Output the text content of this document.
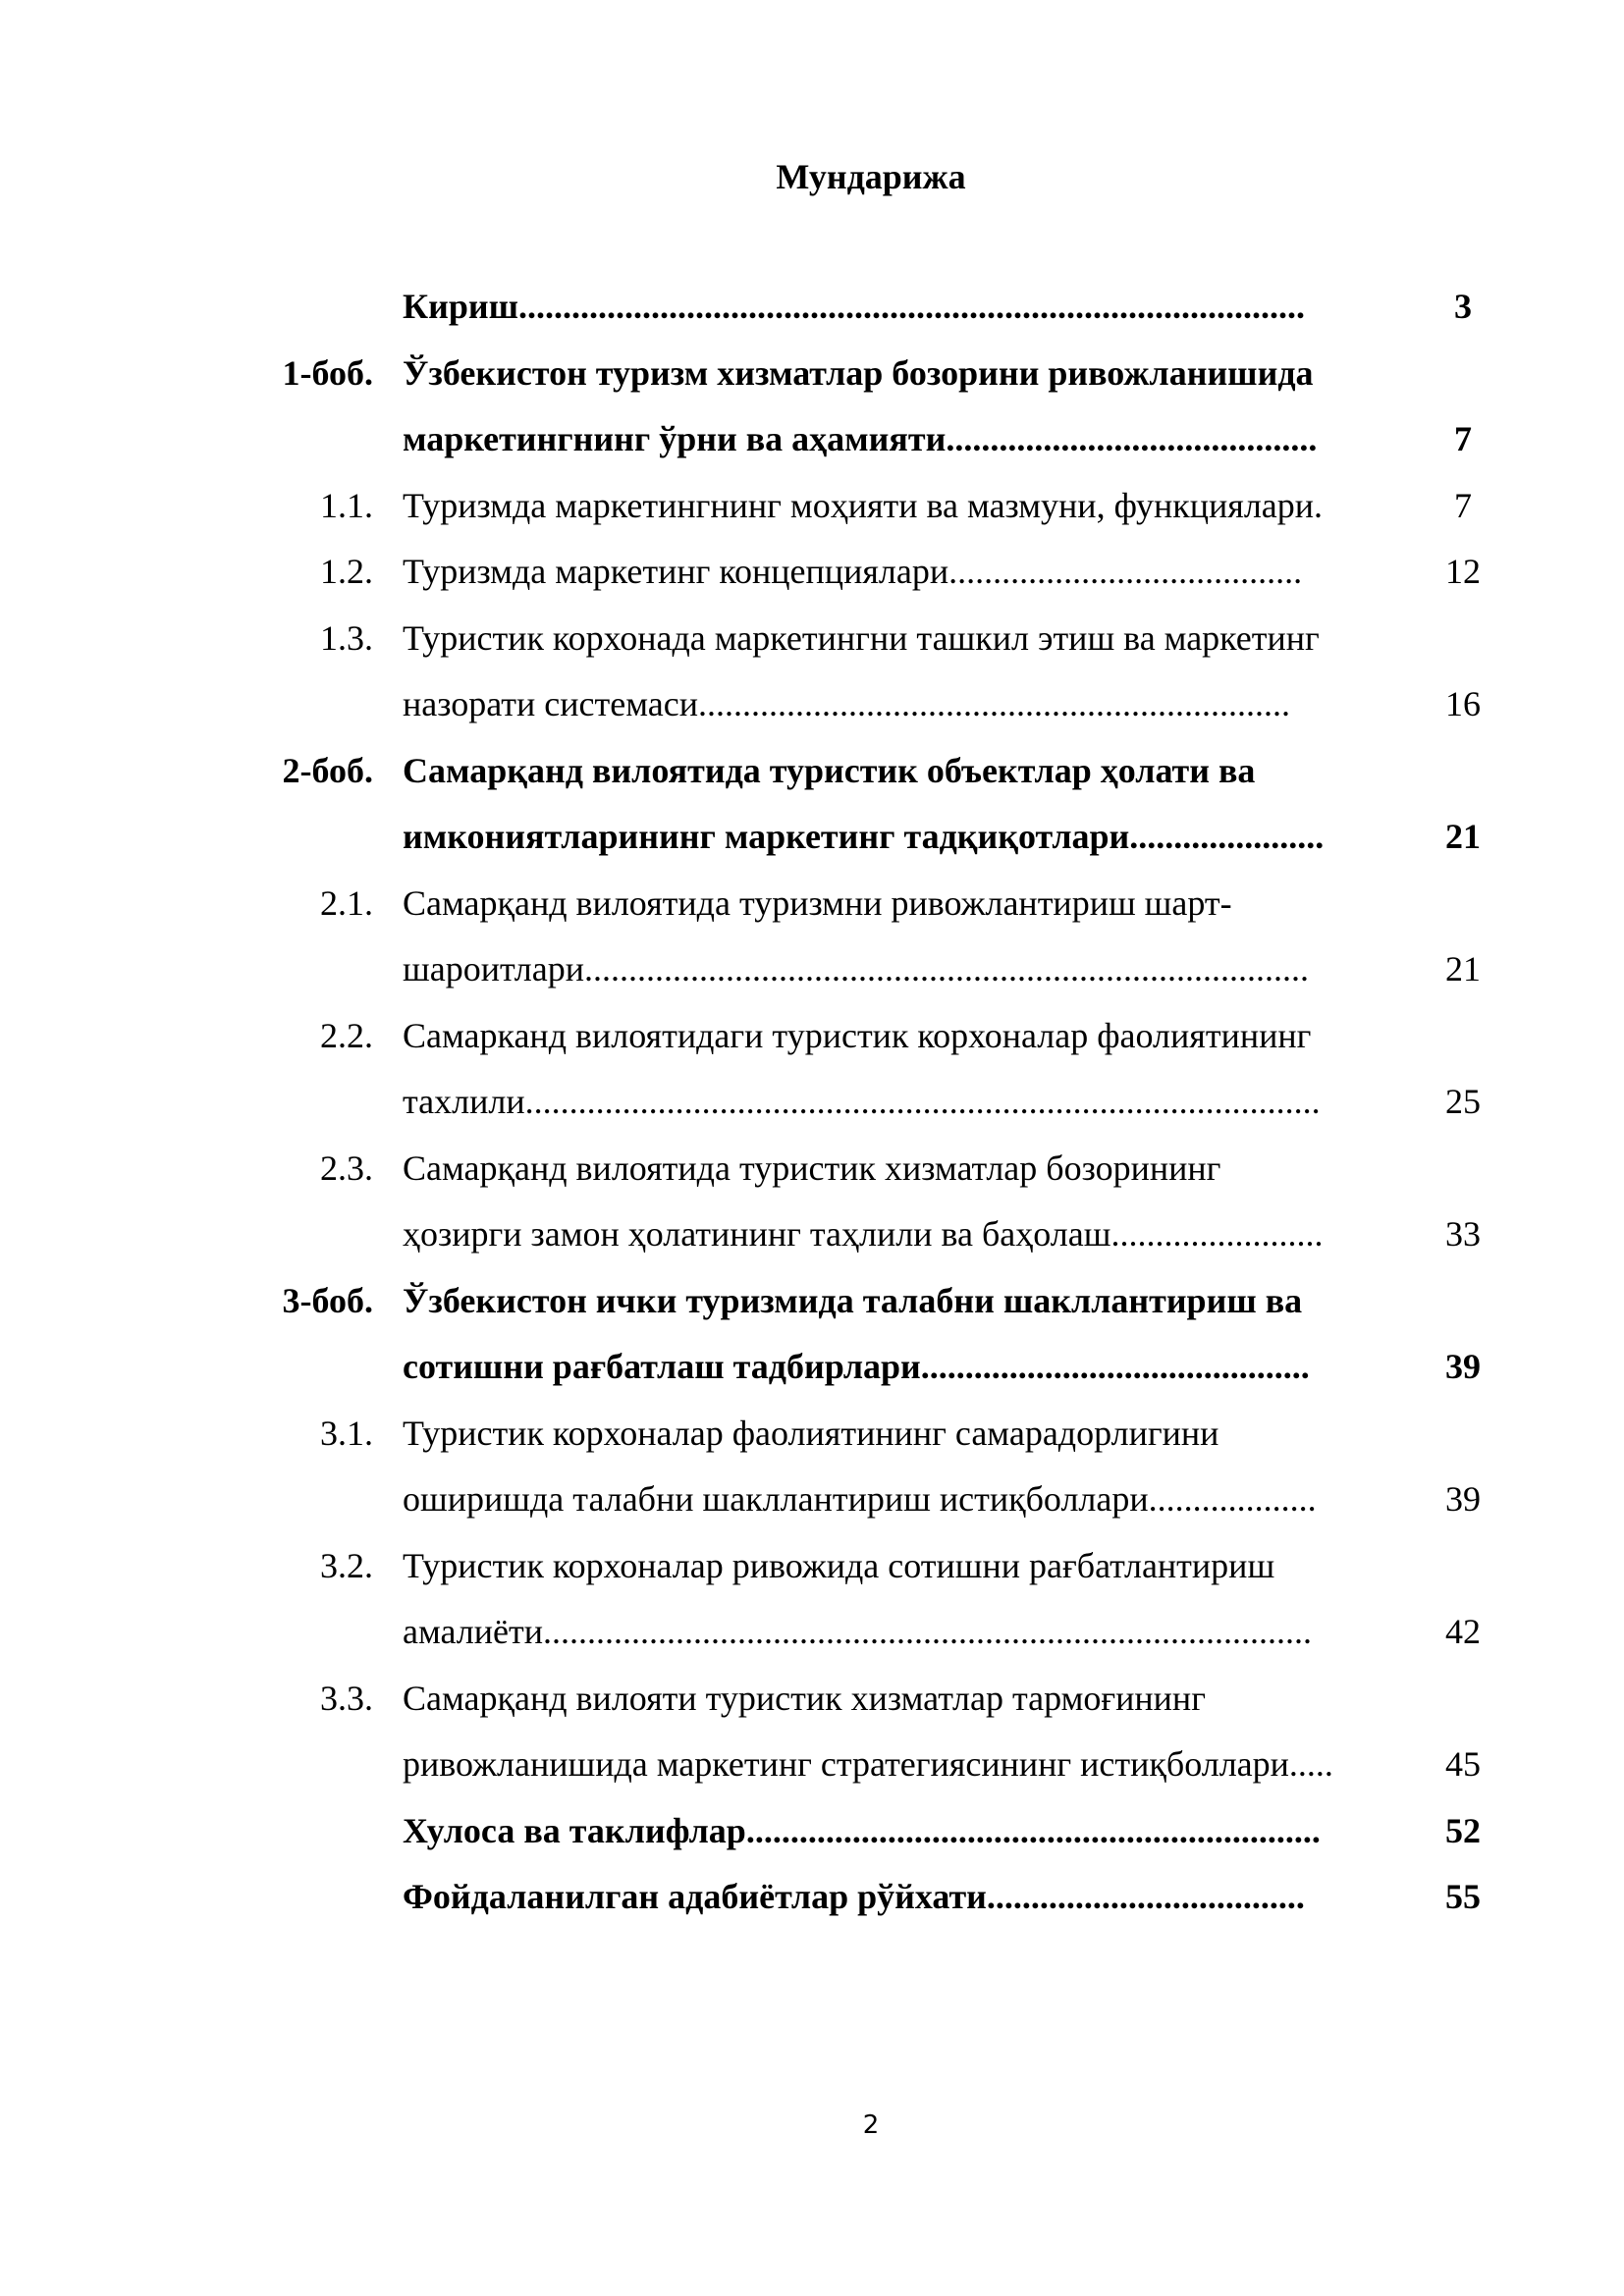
Мундарижа
Кириш.........................................................................................	3
1-боб. Ўзбекистон туризм хизматлар бозорини ривожланишида
маркетингнинг ўрни ва аҳамияти..........................................	7
1.1. Туризмда маркетингнинг моҳияти ва мазмуни, функциялари.	7
1.2. Туризмда маркетинг концепциялари........................................	12
1.3. Туристик корхонада маркетингни ташкил этиш ва маркетинг
назорати системаси...................................................................	16
2-боб. Самарқанд вилоятида туристик объектлар ҳолати ва
имкониятларининг маркетинг тадқиқотлари......................	21
2.1. Самарқанд вилоятида туризмни ривожлантириш шарт-
шароитлари..................................................................................	21
2.2. Самарканд вилоятидаги туристик корхоналар фаолиятининг
тахлили..........................................................................................	25
2.3. Самарқанд вилоятида туристик хизматлар бозорининг
ҳозирги замон ҳолатининг таҳлили ва баҳолаш........................	33
3-боб. Ўзбекистон ички туризмида талабни шакллантириш ва
сотишни рағбатлаш тадбирлари............................................	39
3.1. Туристик корхоналар фаолиятининг самарадорлигини
оширишда талабни шакллантириш истиқболлари...................	39
3.2. Туристик корхоналар ривожида сотишни рағбатлантириш
амалиёти.......................................................................................	42
3.3. Самарқанд вилояти туристик хизматлар тармоғининг
ривожланишида маркетинг стратегиясининг истиқболлари.....	45
Хулоса ва таклифлар.................................................................	52
Фойдаланилган адабиётлар рўйхати....................................	55
2
